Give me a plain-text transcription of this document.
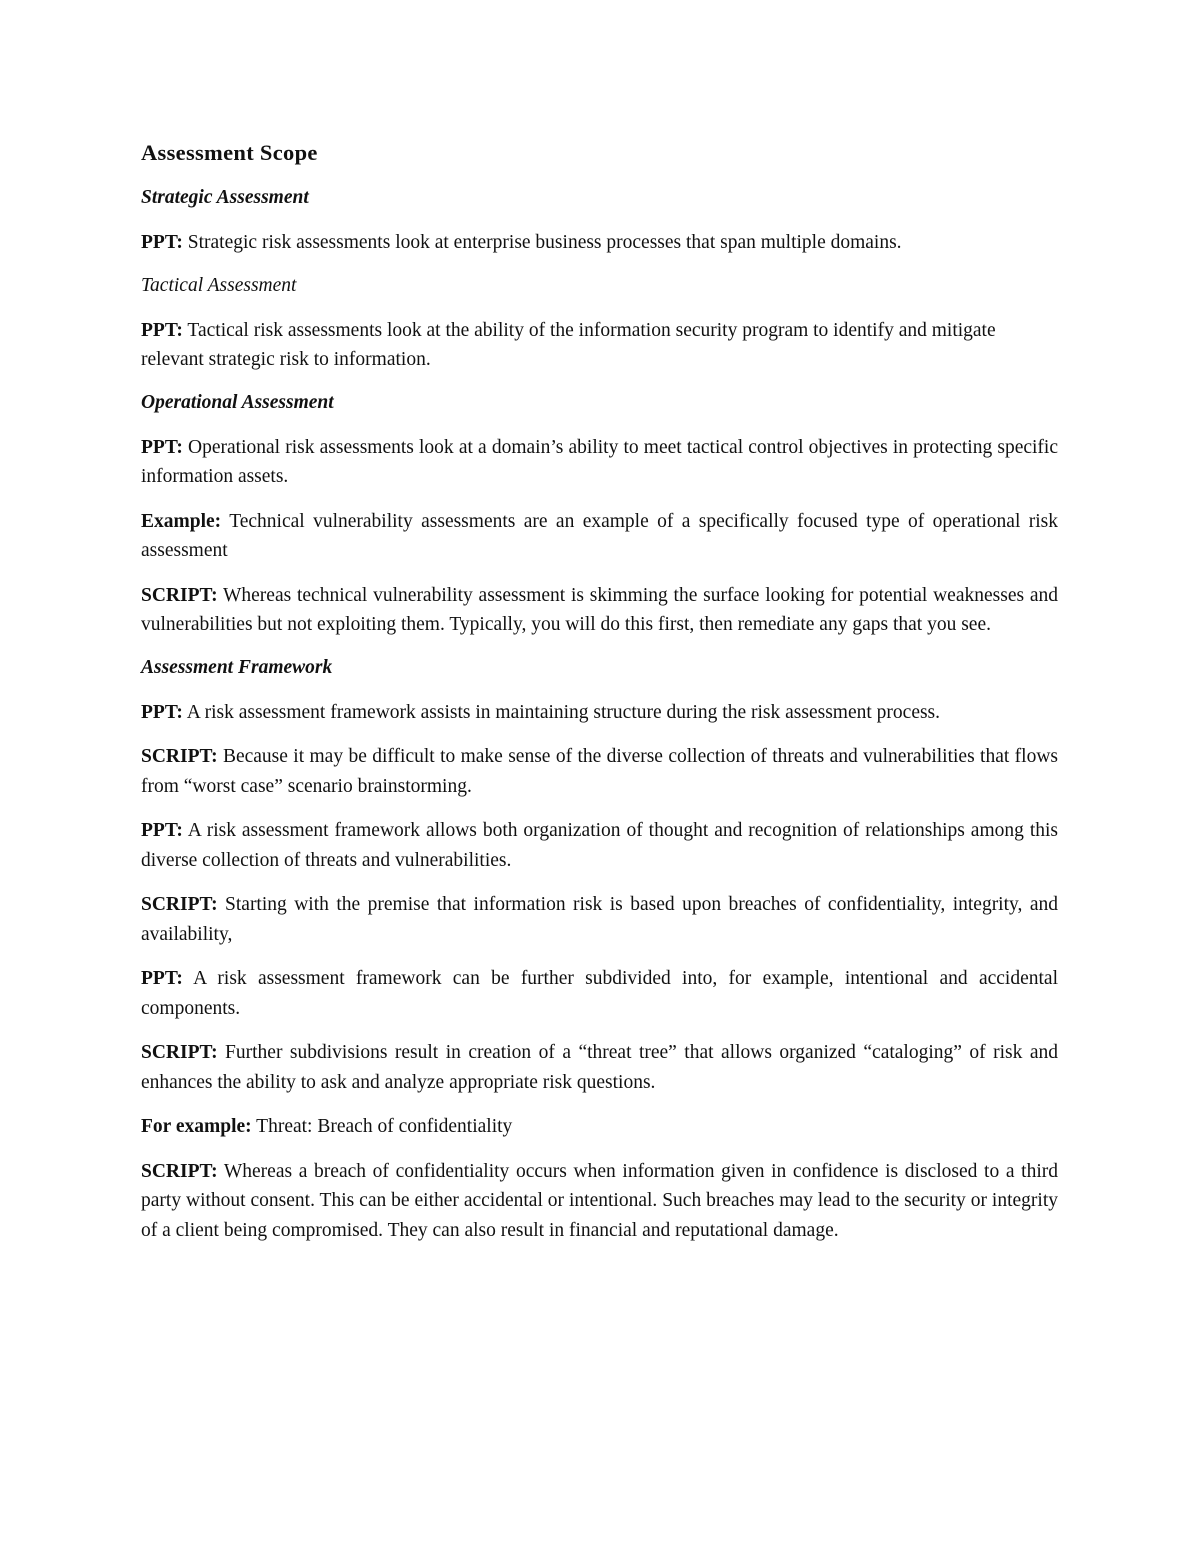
Assessment Scope
Strategic Assessment

PPT: Strategic risk assessments look at enterprise business processes that span multiple domains.

Tactical Assessment

PPT: Tactical risk assessments look at the ability of the information security program to identify and mitigate relevant strategic risk to information.

Operational Assessment

PPT: Operational risk assessments look at a domain’s ability to meet tactical control objectives in protecting specific information assets.

Example: Technical vulnerability assessments are an example of a specifically focused type of operational risk assessment

SCRIPT: Whereas technical vulnerability assessment is skimming the surface looking for potential weaknesses and vulnerabilities but not exploiting them. Typically, you will do this first, then remediate any gaps that you see.

Assessment Framework

PPT: A risk assessment framework assists in maintaining structure during the risk assessment process.

SCRIPT: Because it may be difficult to make sense of the diverse collection of threats and vulnerabilities that flows from “worst case” scenario brainstorming.

PPT: A risk assessment framework allows both organization of thought and recognition of relationships among this diverse collection of threats and vulnerabilities.

SCRIPT: Starting with the premise that information risk is based upon breaches of confidentiality, integrity, and availability,

PPT: A risk assessment framework can be further subdivided into, for example, intentional and accidental components.

SCRIPT: Further subdivisions result in creation of a “threat tree” that allows organized “cataloging” of risk and enhances the ability to ask and analyze appropriate risk questions.

For example: Threat: Breach of confidentiality

SCRIPT: Whereas a breach of confidentiality occurs when information given in confidence is disclosed to a third party without consent. This can be either accidental or intentional. Such breaches may lead to the security or integrity of a client being compromised. They can also result in financial and reputational damage.
